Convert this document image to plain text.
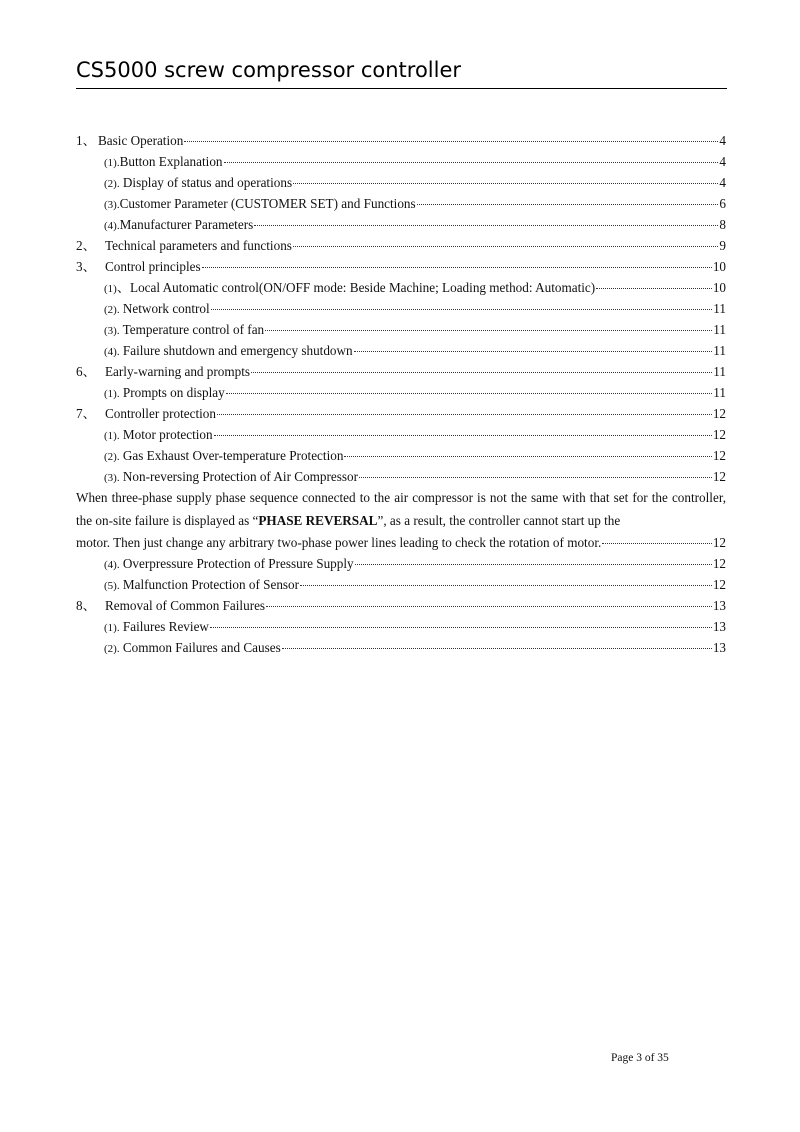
CS5000 screw compressor controller
1、 Basic Operation	4
(1).Button Explanation	4
(2). Display of status and operations	4
(3).Customer Parameter (CUSTOMER SET) and Functions	6
(4).Manufacturer Parameters	8
2、 Technical parameters and functions	9
3、 Control principles	10
(1)、Local Automatic control(ON/OFF mode: Beside Machine; Loading method: Automatic)	10
(2). Network control	11
(3). Temperature control of fan	11
(4). Failure shutdown and emergency shutdown	11
6、 Early-warning and prompts	11
(1). Prompts on display	11
7、 Controller protection	12
(1). Motor protection	12
(2). Gas Exhaust Over-temperature Protection	12
(3). Non-reversing Protection of Air Compressor	12

When three-phase supply phase sequence connected to the air compressor is not the same with that set for the controller, the on-site failure is displayed as “PHASE REVERSAL”, as a result, the controller cannot start up the

motor. Then just change any arbitrary two-phase power lines leading to check the rotation of motor.	12
(4). Overpressure Protection of Pressure Supply	12
(5). Malfunction Protection of Sensor	12
8、 Removal of Common Failures	13
(1). Failures Review	13
(2). Common Failures and Causes	13
Page 3 of 35
